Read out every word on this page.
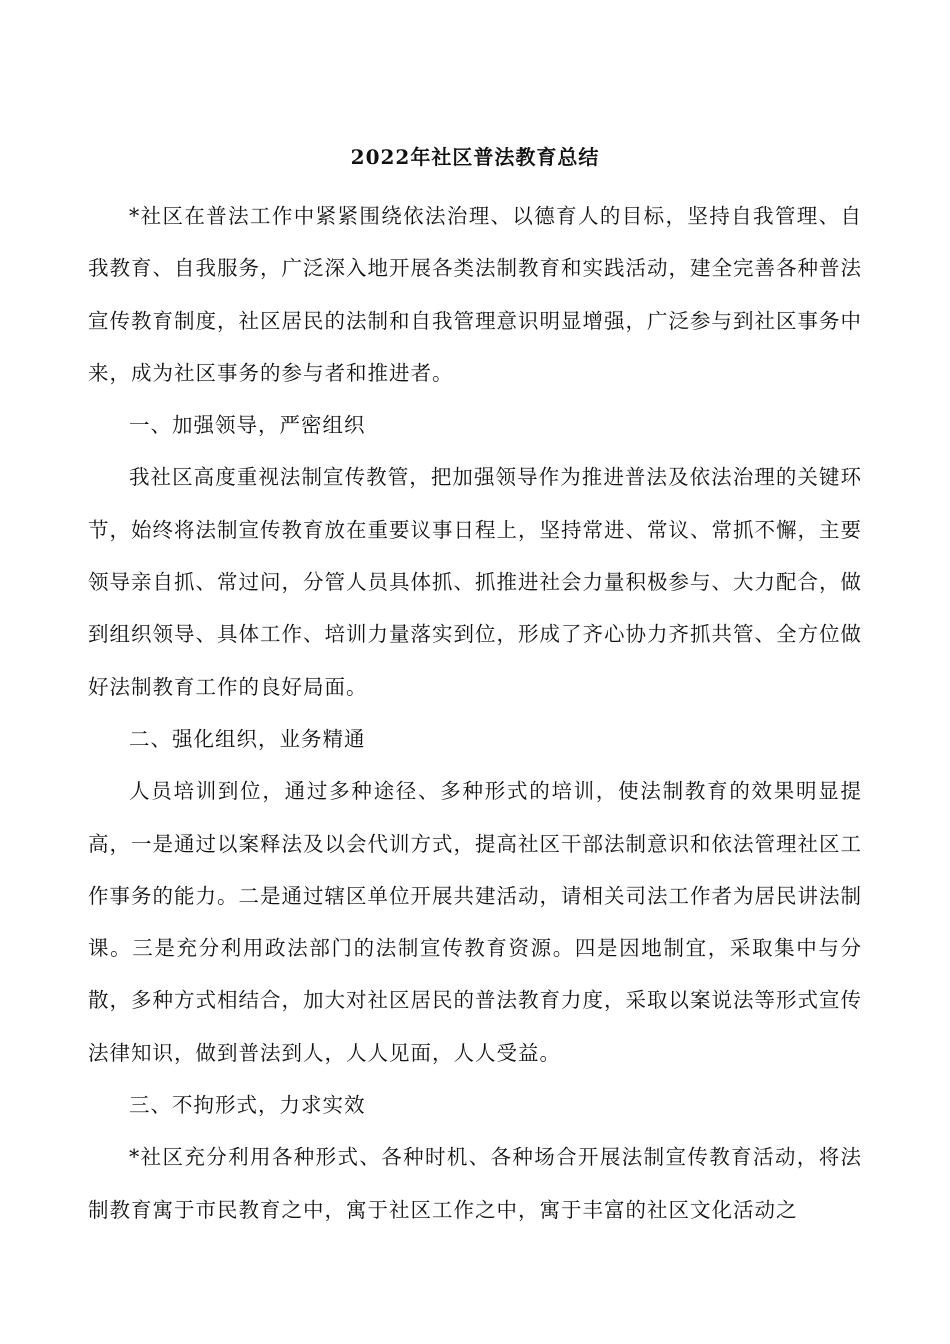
2022年社区普法教育总结

*社区在普法工作中紧紧围绕依法治理、以德育人的目标，坚持自我管理、自我教育、自我服务，广泛深入地开展各类法制教育和实践活动，建全完善各种普法宣传教育制度，社区居民的法制和自我管理意识明显增强，广泛参与到社区事务中来，成为社区事务的参与者和推进者。

一、加强领导，严密组织

我社区高度重视法制宣传教管，把加强领导作为推进普法及依法治理的关键环节，始终将法制宣传教育放在重要议事日程上，坚持常进、常议、常抓不懈，主要领导亲自抓、常过问，分管人员具体抓、抓推进社会力量积极参与、大力配合，做到组织领导、具体工作、培训力量落实到位，形成了齐心协力齐抓共管、全方位做好法制教育工作的良好局面。

二、强化组织，业务精通

人员培训到位，通过多种途径、多种形式的培训，使法制教育的效果明显提高，一是通过以案释法及以会代训方式，提高社区干部法制意识和依法管理社区工作事务的能力。二是通过辖区单位开展共建活动，请相关司法工作者为居民讲法制课。三是充分利用政法部门的法制宣传教育资源。四是因地制宜，采取集中与分散，多种方式相结合，加大对社区居民的普法教育力度，采取以案说法等形式宣传法律知识，做到普法到人，人人见面，人人受益。

三、不拘形式，力求实效

*社区充分利用各种形式、各种时机、各种场合开展法制宣传教育活动，将法制教育寓于市民教育之中，寓于社区工作之中，寓于丰富的社区文化活动之
